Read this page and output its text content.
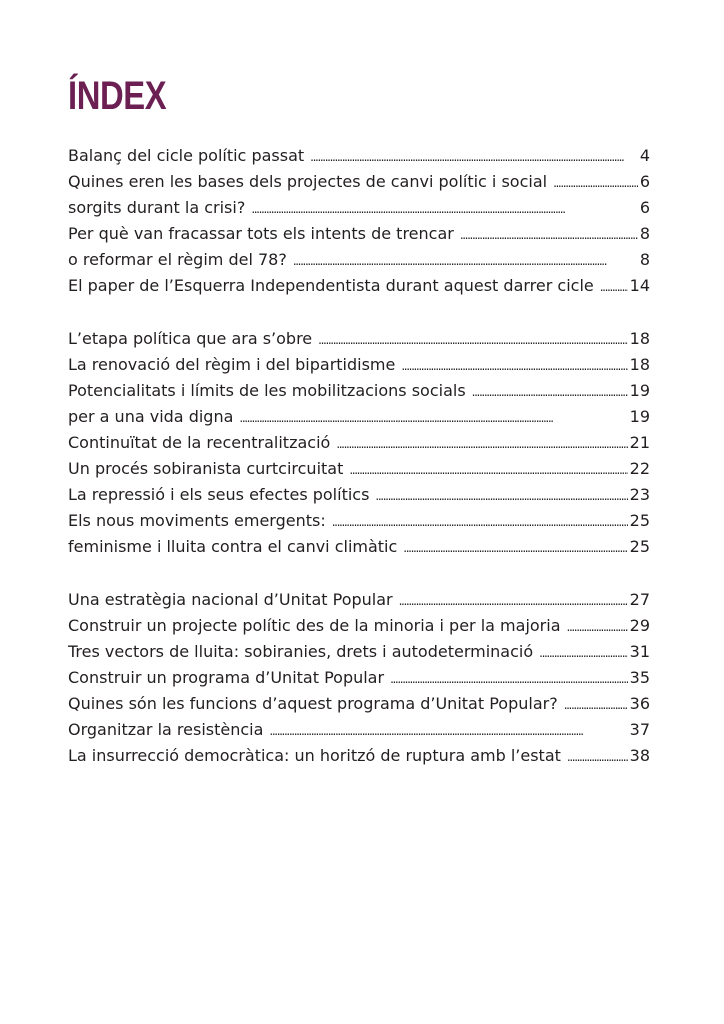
ÍNDEX
Balanç del cicle polític passat . . .	4
Quines eren les bases dels projectes de canvi polític i social . . .	6
sorgits durant la crisi? . . .	6
Per què van fracassar tots els intents de trencar . . .	8
o reformar el règim del 78? . . .	8
El paper de l’Esquerra Independentista durant aquest darrer cicle . . . 14
L’etapa política que ara s’obre . . .	18
La renovació del règim i del bipartidisme . . .	18
Potencialitats i límits de les mobilitzacions socials . . .	19
per a una vida digna . . .	19
Continuïtat de la recentralització . . .	21
Un procés sobiranista curtcircuitat . . .	22
La repressió i els seus efectes polítics . . .	23
Els nous moviments emergents: . . .	25
feminisme i lluita contra el canvi climàtic . . .	25
Una estratègia nacional d’Unitat Popular . . .	27
Construir un projecte polític des de la minoria i per la majoria . . .	29
Tres vectors de lluita: sobiranies, drets i autodeterminació . . .	31
Construir un programa d’Unitat Popular . . .	35
Quines són les funcions d’aquest programa d’Unitat Popular? . . .	36
Organitzar la resistència . . .	37
La insurrecció democràtica: un horitzó de ruptura amb l’estat . . .	38
